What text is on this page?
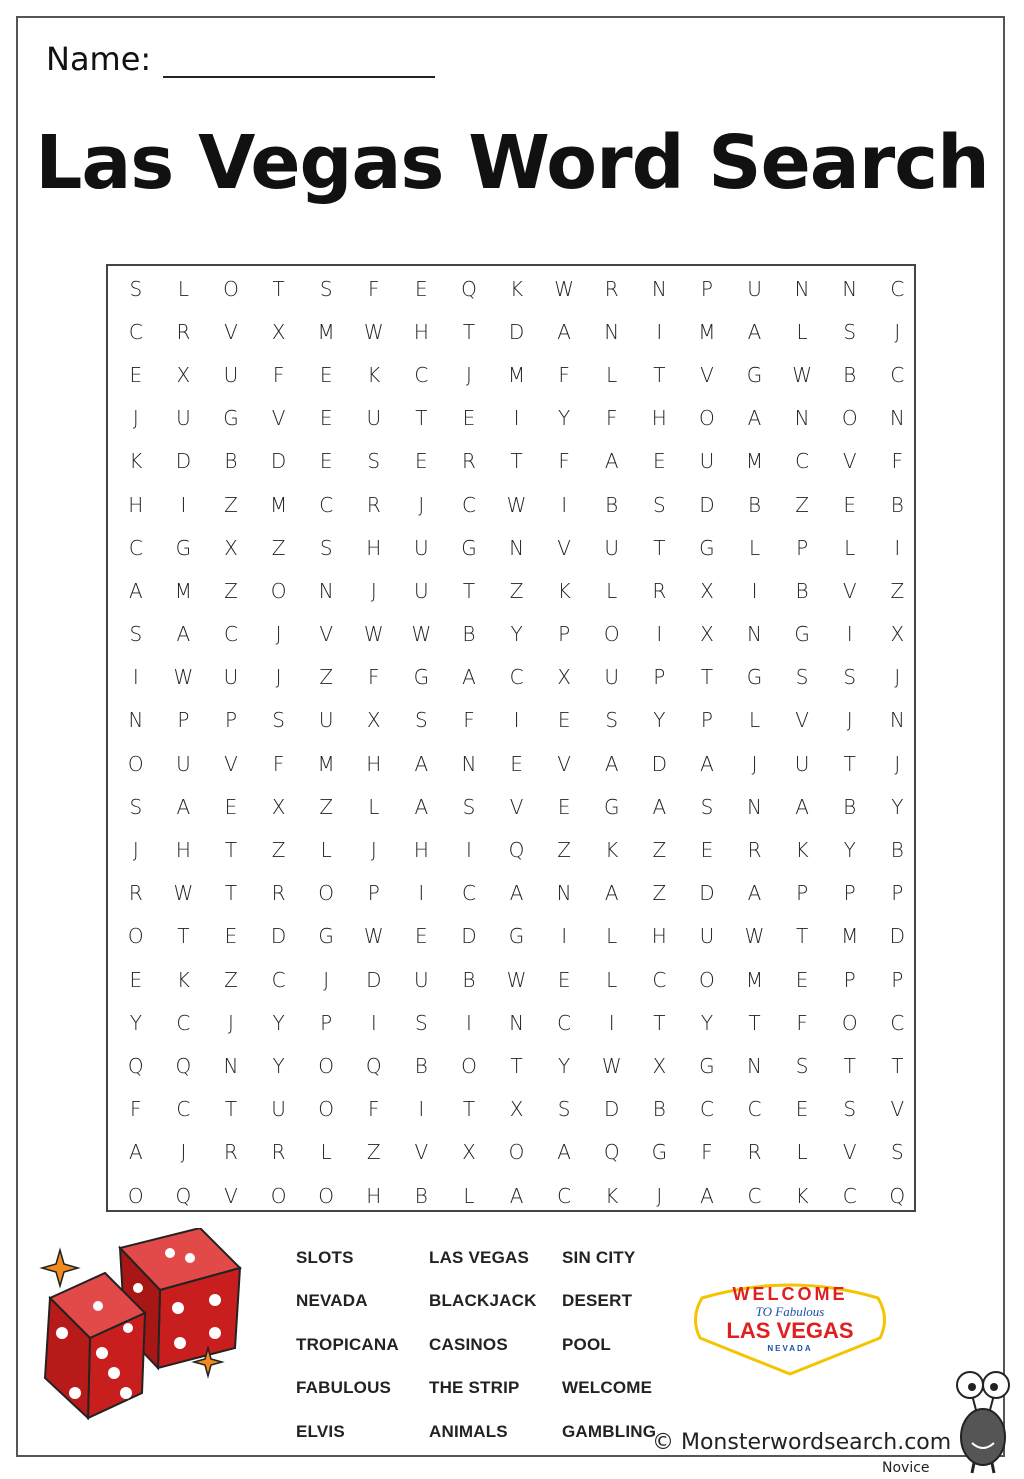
Name:
Las Vegas Word Search
S	L	O	T	S	F	E	Q	K	W	R	N	P	U	N	N	C
C	R	V	X	M	W	H	T	D	A	N	I	M	A	L	S	J
E	X	U	F	E	K	C	J	M	F	L	T	V	G	W	B	C
J	U	G	V	E	U	T	E	I	Y	F	H	O	A	N	O	N
K	D	B	D	E	S	E	R	T	F	A	E	U	M	C	V	F
H	I	Z	M	C	R	J	C	W	I	B	S	D	B	Z	E	B
C	G	X	Z	S	H	U	G	N	V	U	T	G	L	P	L	I
A	M	Z	O	N	J	U	T	Z	K	L	R	X	I	B	V	Z
S	A	C	J	V	W	W	B	Y	P	O	I	X	N	G	I	X
I	W	U	J	Z	F	G	A	C	X	U	P	T	G	S	S	J
N	P	P	S	U	X	S	F	I	E	S	Y	P	L	V	J	N
O	U	V	F	M	H	A	N	E	V	A	D	A	J	U	T	J
S	A	E	X	Z	L	A	S	V	E	G	A	S	N	A	B	Y
J	H	T	Z	L	J	H	I	Q	Z	K	Z	E	R	K	Y	B
R	W	T	R	O	P	I	C	A	N	A	Z	D	A	P	P	P
O	T	E	D	G	W	E	D	G	I	L	H	U	W	T	M	D
E	K	Z	C	J	D	U	B	W	E	L	C	O	M	E	P	P
Y	C	J	Y	P	I	S	I	N	C	I	T	Y	T	F	O	C
Q	Q	N	Y	O	Q	B	O	T	Y	W	X	G	N	S	T	T
F	C	T	U	O	F	I	T	X	S	D	B	C	C	E	S	V
A	J	R	R	L	Z	V	X	O	A	Q	G	F	R	L	V	S
O	Q	V	O	O	H	B	L	A	C	K	J	A	C	K	C	Q
SLOTS	LAS VEGAS	SIN CITY
NEVADA	BLACKJACK	DESERT
TROPICANA	CASINOS	POOL
FABULOUS	THE STRIP	WELCOME
ELVIS	ANIMALS	GAMBLING
WELCOME
TO Fabulous
LAS VEGAS
NEVADA
© Monsterwordsearch.com
Novice
